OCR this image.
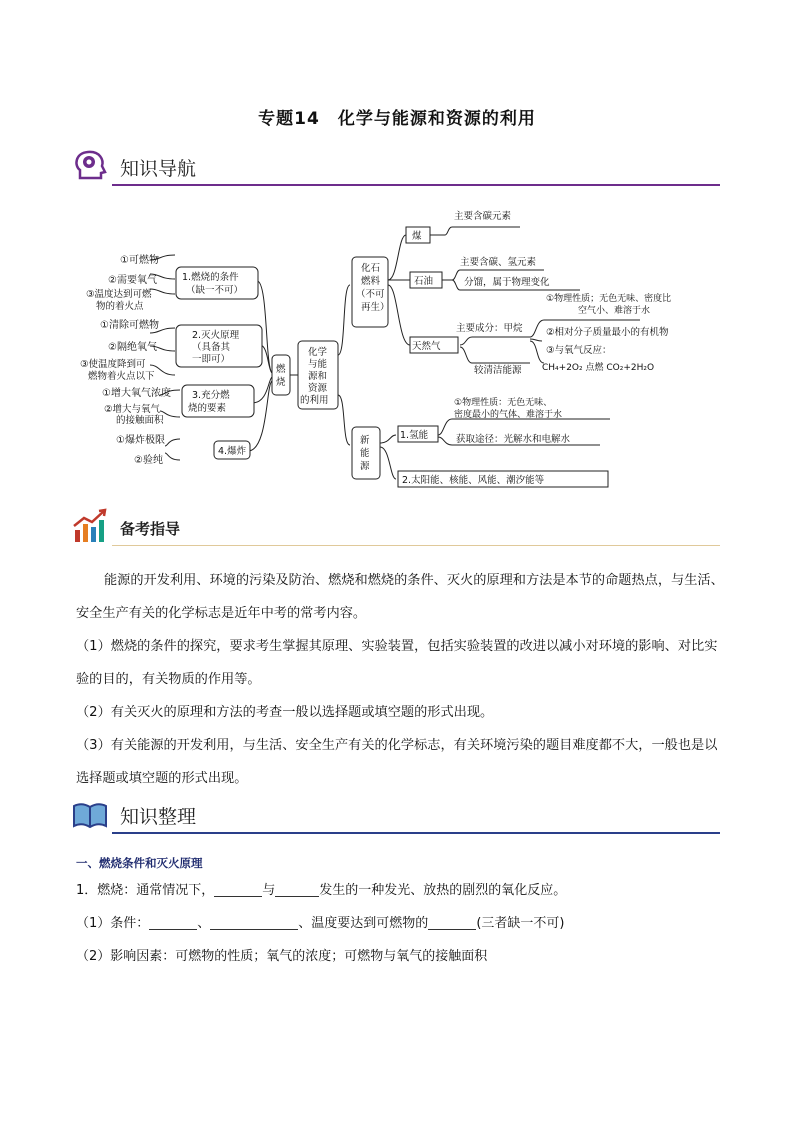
专题14　化学与能源和资源的利用
知识导航
①可燃物
②需要氧气
③温度达到可燃
物的着火点
①清除可燃物
②隔绝氧气
③使温度降到可
燃物着火点以下
①增大氧气浓度
②增大与氧气
的接触面积
①爆炸极限
②验纯
1.燃烧的条件
（缺一不可）
2.灭火原理
（具备其
一即可）
3.充分燃
烧的要素
4.爆炸
燃
烧
化学
与能
源和
资源
的利用
化石
燃料
（不可
再生）
煤
主要含碳元素
石油
主要含碳、氢元素
分馏，属于物理变化
天然气
主要成分：甲烷
较清洁能源
①物理性质；无色无味、密度比
空气小、难溶于水
②相对分子质量最小的有机物
③与氧气反应：
CH₄+2O₂ 点燃 CO₂+2H₂O
新
能
源
1.氢能
①物理性质：无色无味、
密度最小的气体、难溶于水
获取途径：光解水和电解水
2.太阳能、核能、风能、潮汐能等
备考指导

能源的开发利用、环境的污染及防治、燃烧和燃烧的条件、灭火的原理和方法是本节的命题热点，与生活、安全生产有关的化学标志是近年中考的常考内容。

（1）燃烧的条件的探究，要求考生掌握其原理、实验装置，包括实验装置的改进以减小对环境的影响、对比实验的目的，有关物质的作用等。

（2）有关灭火的原理和方法的考查一般以选择题或填空题的形式出现。

（3）有关能源的开发利用，与生活、安全生产有关的化学标志，有关环境污染的题目难度都不大，一般也是以选择题或填空题的形式出现。

知识整理

一、燃烧条件和灭火原理

1．燃烧：通常情况下，	与	发生的一种发光、放热的剧烈的氧化反应。

（1）条件：	、	、温度要达到可燃物的	(三者缺一不可)

（2）影响因素：可燃物的性质；氧气的浓度；可燃物与氧气的接触面积
